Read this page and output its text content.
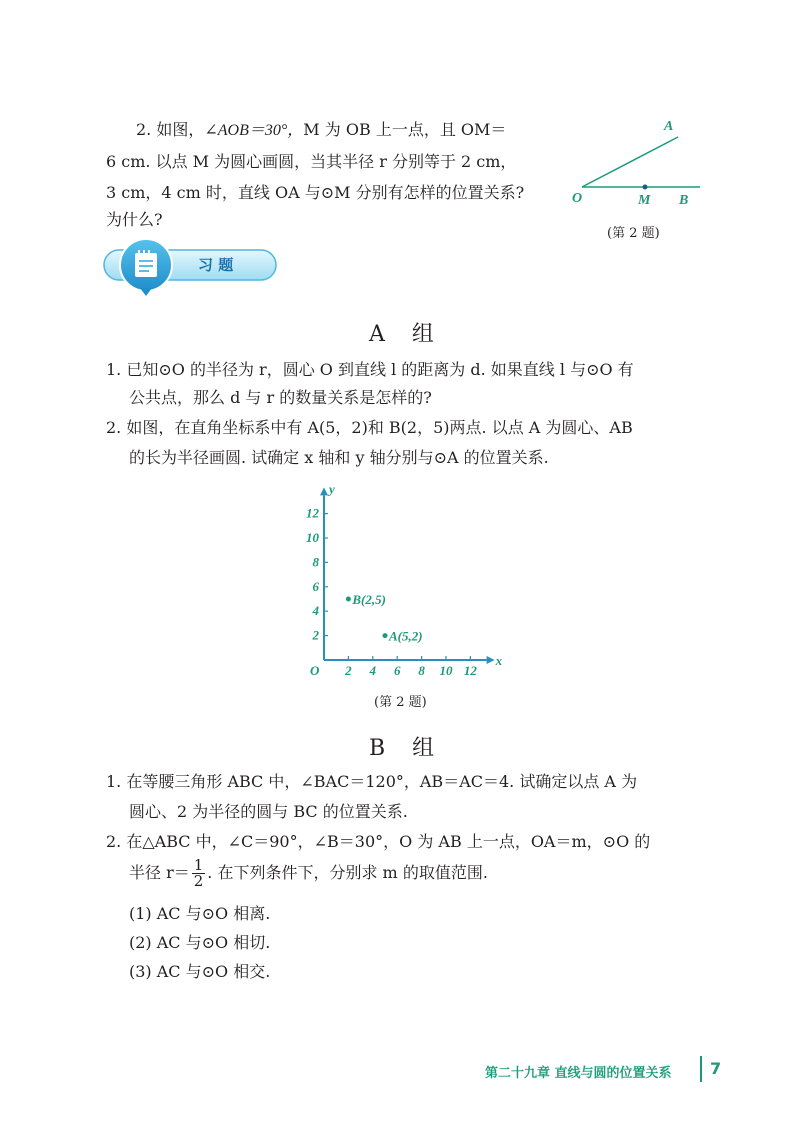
2. 如图，∠AOB＝30°，M 为 OB 上一点，且 OM＝
6 cm. 以点 M 为圆心画圆，当其半径 r 分别等于 2 cm，
3 cm，4 cm 时，直线 OA 与⊙M 分别有怎样的位置关系?
为什么?
A
O	M B
(第 2 题)
习 题
A 组
1. 已知⊙O 的半径为 r，圆心 O 到直线 l 的距离为 d. 如果直线 l 与⊙O 有
公共点，那么 d 与 r 的数量关系是怎样的?
2. 如图，在直角坐标系中有 A(5，2)和 B(2，5)两点. 以点 A 为圆心、AB
的长为半径画圆. 试确定 x 轴和 y 轴分别与⊙A 的位置关系.
x
y
O 2 4 6 8 10 12
2
4
6
8
10
12
B(2,5)
A(5,2)
(第 2 题)
B 组
1. 在等腰三角形 ABC 中，∠BAC＝120°，AB＝AC＝4. 试确定以点 A 为
圆心、2 为半径的圆与 BC 的位置关系.
2. 在△ABC 中，∠C＝90°，∠B＝30°，O 为 AB 上一点，OA＝m，⊙O 的
半径 $r= \frac{1}{2}$ . 在下列条件下，分别求 m 的取值范围.
(1) AC 与⊙O 相离.
(2) AC 与⊙O 相切.
(3) AC 与⊙O 相交.
第二十九章 直线与圆的位置关系 7
